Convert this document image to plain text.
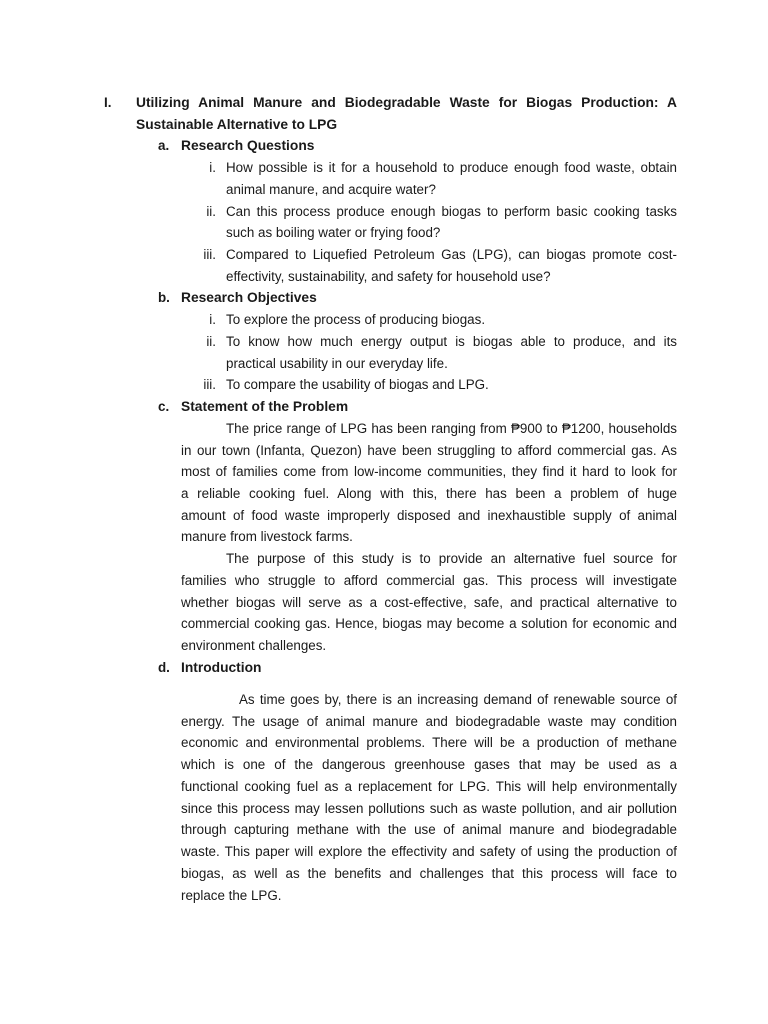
I. Utilizing Animal Manure and Biodegradable Waste for Biogas Production: A
Sustainable Alternative to LPG
a. Research Questions
i. How possible is it for a household to produce enough food waste, obtain
animal manure, and acquire water?
ii. Can this process produce enough biogas to perform basic cooking tasks
such as boiling water or frying food?
iii. Compared to Liquefied Petroleum Gas (LPG), can biogas promote cost-
effectivity, sustainability, and safety for household use?
b. Research Objectives
i. To explore the process of producing biogas.
ii. To know how much energy output is biogas able to produce, and its
practical usability in our everyday life.
iii. To compare the usability of biogas and LPG.
c. Statement of the Problem
The price range of LPG has been ranging from ₱900 to ₱1200, households
in our town (Infanta, Quezon) have been struggling to afford commercial gas. As
most of families come from low-income communities, they find it hard to look for
a reliable cooking fuel. Along with this, there has been a problem of huge
amount of food waste improperly disposed and inexhaustible supply of animal
manure from livestock farms.
The purpose of this study is to provide an alternative fuel source for
families who struggle to afford commercial gas. This process will investigate
whether biogas will serve as a cost-effective, safe, and practical alternative to
commercial cooking gas. Hence, biogas may become a solution for economic and
environment challenges.
d. Introduction
As time goes by, there is an increasing demand of renewable source of
energy. The usage of animal manure and biodegradable waste may condition
economic and environmental problems. There will be a production of methane
which is one of the dangerous greenhouse gases that may be used as a
functional cooking fuel as a replacement for LPG. This will help environmentally
since this process may lessen pollutions such as waste pollution, and air pollution
through capturing methane with the use of animal manure and biodegradable
waste. This paper will explore the effectivity and safety of using the production of
biogas, as well as the benefits and challenges that this process will face to
replace the LPG.
